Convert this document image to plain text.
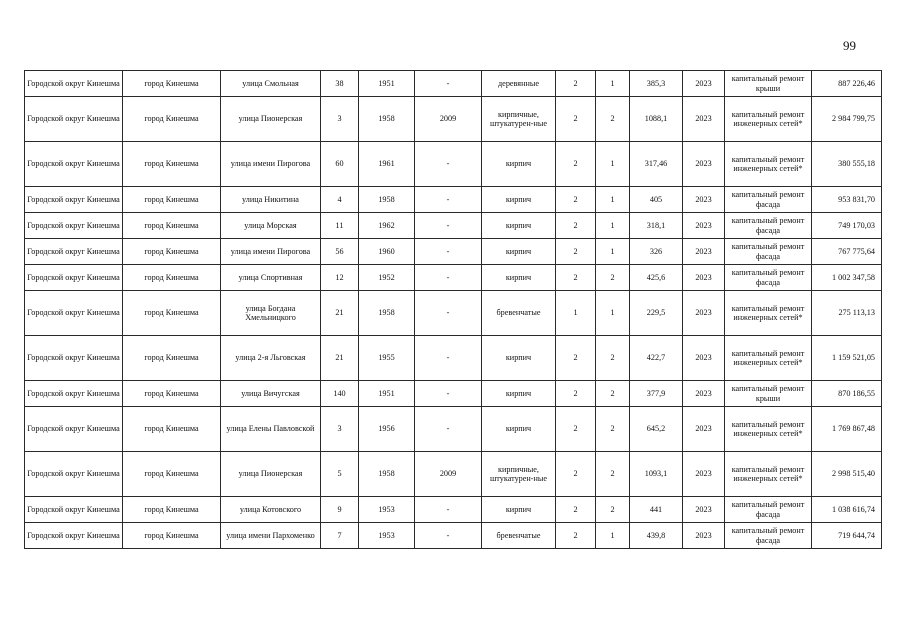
99
Городской округ Кинешма	город Кинешма	улица Смольная	38	1951	-	деревянные	2	1	385,3	2023	капитальный ремонт крыши	887 226,46
Городской округ Кинешма	город Кинешма	улица Пионерская	3	1958	2009	кирпичные, штукатурен-ные	2	2	1088,1	2023	капитальный ремонт инженерных сетей*	2 984 799,75
Городской округ Кинешма	город Кинешма	улица имени Пирогова	60	1961	-	кирпич	2	1	317,46	2023	капитальный ремонт инженерных сетей*	380 555,18
Городской округ Кинешма	город Кинешма	улица Никитина	4	1958	-	кирпич	2	1	405	2023	капитальный ремонт фасада	953 831,70
Городской округ Кинешма	город Кинешма	улица Морская	11	1962	-	кирпич	2	1	318,1	2023	капитальный ремонт фасада	749 170,03
Городской округ Кинешма	город Кинешма	улица имени Пирогова	56	1960	-	кирпич	2	1	326	2023	капитальный ремонт фасада	767 775,64
Городской округ Кинешма	город Кинешма	улица Спортивная	12	1952	-	кирпич	2	2	425,6	2023	капитальный ремонт фасада	1 002 347,58
Городской округ Кинешма	город Кинешма	улица Богдана Хмельницкого	21	1958	-	бревенчатые	1	1	229,5	2023	капитальный ремонт инженерных сетей*	275 113,13
Городской округ Кинешма	город Кинешма	улица 2-я Льговская	21	1955	-	кирпич	2	2	422,7	2023	капитальный ремонт инженерных сетей*	1 159 521,05
Городской округ Кинешма	город Кинешма	улица Вичугская	140	1951	-	кирпич	2	2	377,9	2023	капитальный ремонт крыши	870 186,55
Городской округ Кинешма	город Кинешма	улица Елены Павловской	3	1956	-	кирпич	2	2	645,2	2023	капитальный ремонт инженерных сетей*	1 769 867,48
Городской округ Кинешма	город Кинешма	улица Пионерская	5	1958	2009	кирпичные, штукатурен-ные	2	2	1093,1	2023	капитальный ремонт инженерных сетей*	2 998 515,40
Городской округ Кинешма	город Кинешма	улица Котовского	9	1953	-	кирпич	2	2	441	2023	капитальный ремонт фасада	1 038 616,74
Городской округ Кинешма	город Кинешма	улица имени Пархоменко	7	1953	-	бревенчатые	2	1	439,8	2023	капитальный ремонт фасада	719 644,74
